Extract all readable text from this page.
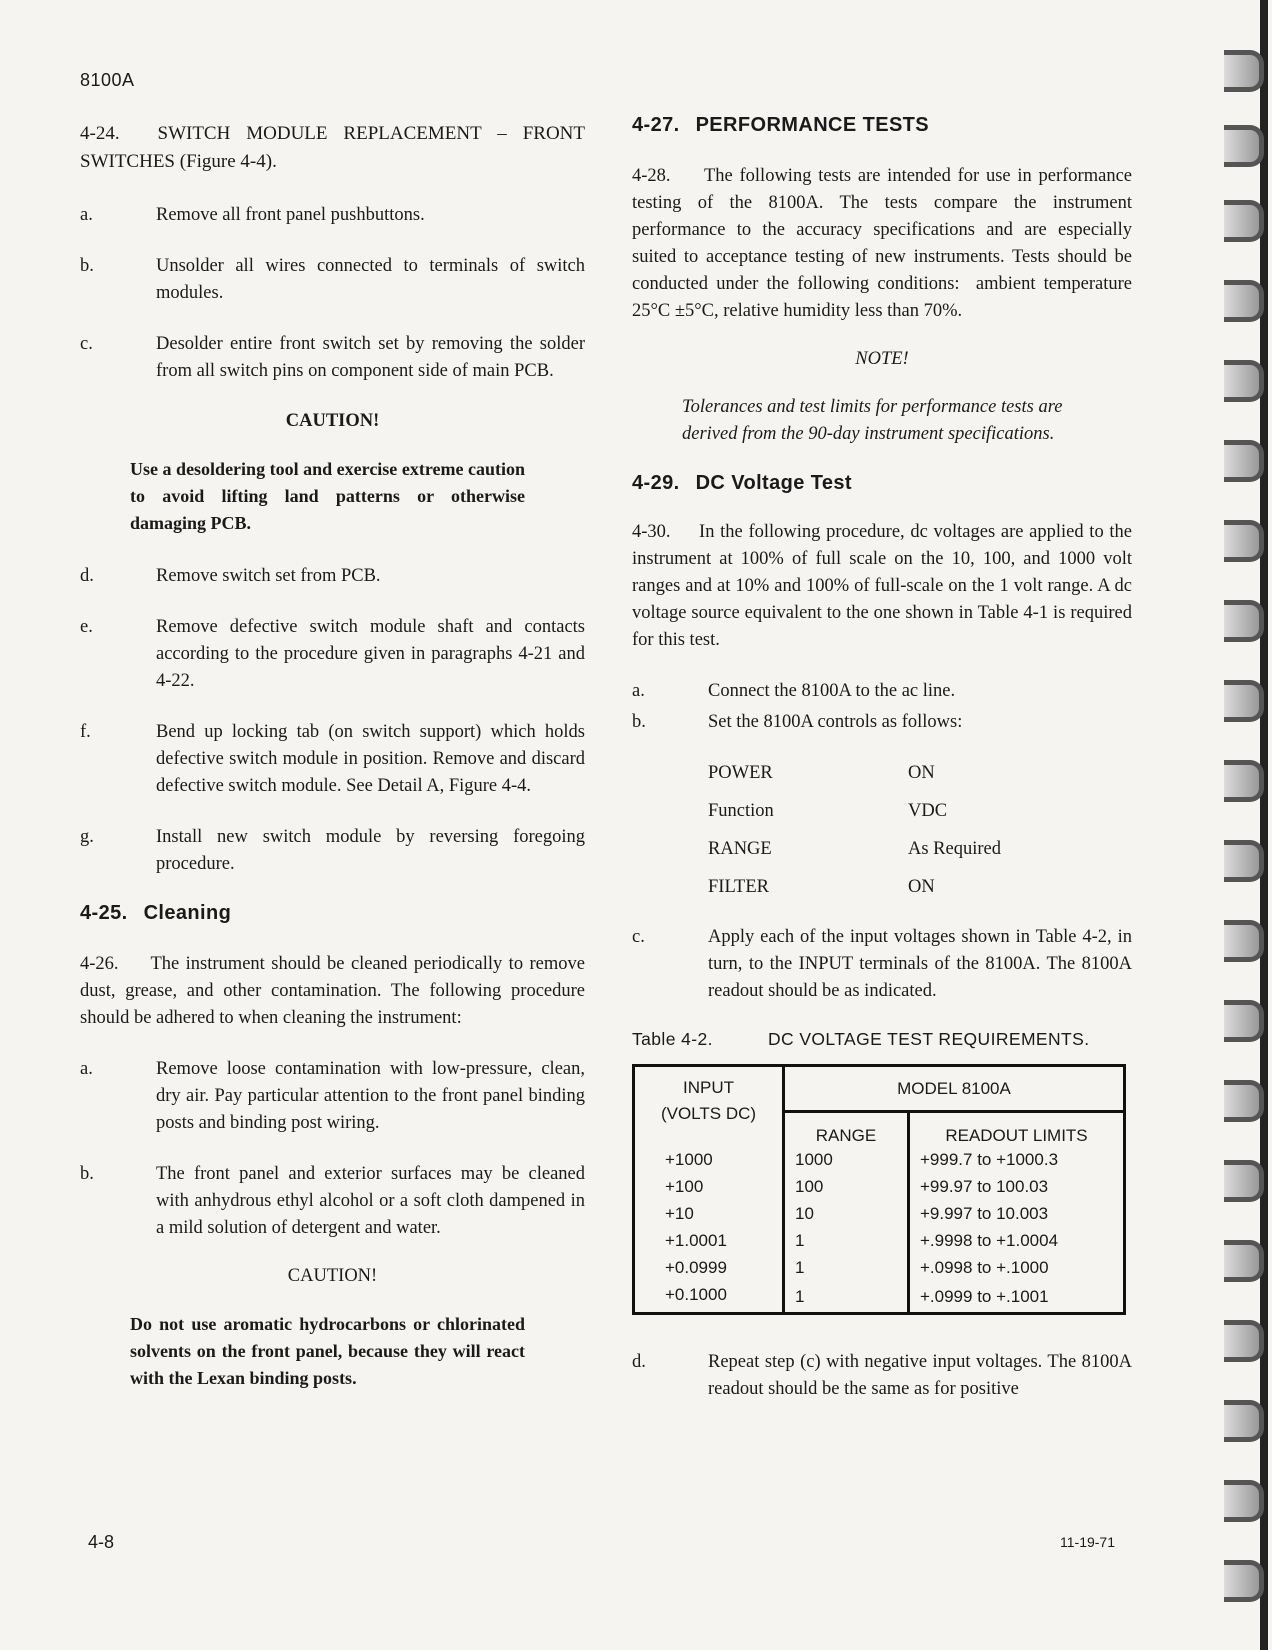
8100A
4-24. SWITCH MODULE REPLACEMENT – FRONT SWITCHES (Figure 4-4).
a.	Remove all front panel pushbuttons.
b.	Unsolder all wires connected to terminals of switch modules.
c.	Desolder entire front switch set by removing the solder from all switch pins on component side of main PCB.
CAUTION!
Use a desoldering tool and exercise extreme caution to avoid lifting land patterns or otherwise damaging PCB.
d.	Remove switch set from PCB.
e.	Remove defective switch module shaft and contacts according to the procedure given in paragraphs 4-21 and 4-22.
f.	Bend up locking tab (on switch support) which holds defective switch module in position. Remove and discard defective switch module. See Detail A, Figure 4-4.
g.	Install new switch module by reversing foregoing procedure.
4-25. Cleaning
4-26.     The instrument should be cleaned periodically to remove dust, grease, and other contamination. The following procedure should be adhered to when cleaning the instrument:
a.	Remove loose contamination with low-pressure, clean, dry air. Pay particular attention to the front panel binding posts and binding post wiring.
b.	The front panel and exterior surfaces may be cleaned with anhydrous ethyl alcohol or a soft cloth dampened in a mild solution of detergent and water.
CAUTION!
Do not use aromatic hydrocarbons or chlorinated solvents on the front panel, because they will react with the Lexan binding posts.
4-27. PERFORMANCE TESTS
4-28.     The following tests are intended for use in performance testing of the 8100A. The tests compare the instrument performance to the accuracy specifications and are especially suited to acceptance testing of new instruments. Tests should be conducted under the following conditions:  ambient temperature 25°C ±5°C, relative humidity less than 70%.
NOTE!
Tolerances and test limits for performance tests are derived from the 90-day instrument specifications.
4-29. DC Voltage Test
4-30.     In the following procedure, dc voltages are applied to the instrument at 100% of full scale on the 10, 100, and 1000 volt ranges and at 10% and 100% of full-scale on the 1 volt range. A dc voltage source equivalent to the one shown in Table 4-1 is required for this test.
a.	Connect the 8100A to the ac line.
b.	Set the 8100A controls as follows:
POWER	ON
Function	VDC
RANGE	As Required
FILTER	ON
c.	Apply each of the input voltages shown in Table 4-2, in turn, to the INPUT terminals of the 8100A. The 8100A readout should be as indicated.
Table 4-2.	DC VOLTAGE TEST REQUIREMENTS.
INPUT
(VOLTS DC)	MODEL 8100A	
	RANGE	READOUT LIMITS
+1000	1000	+999.7 to +1000.3
+100	100	+99.97 to 100.03
+10	10	+9.997 to 10.003
+1.0001	1	+.9998 to +1.0004
+0.0999	1	+.0998 to +.1000
+0.1000	1	+.0999 to +.1001
d.	Repeat step (c) with negative input voltages. The 8100A readout should be the same as for positive
4-8	11-19-71
